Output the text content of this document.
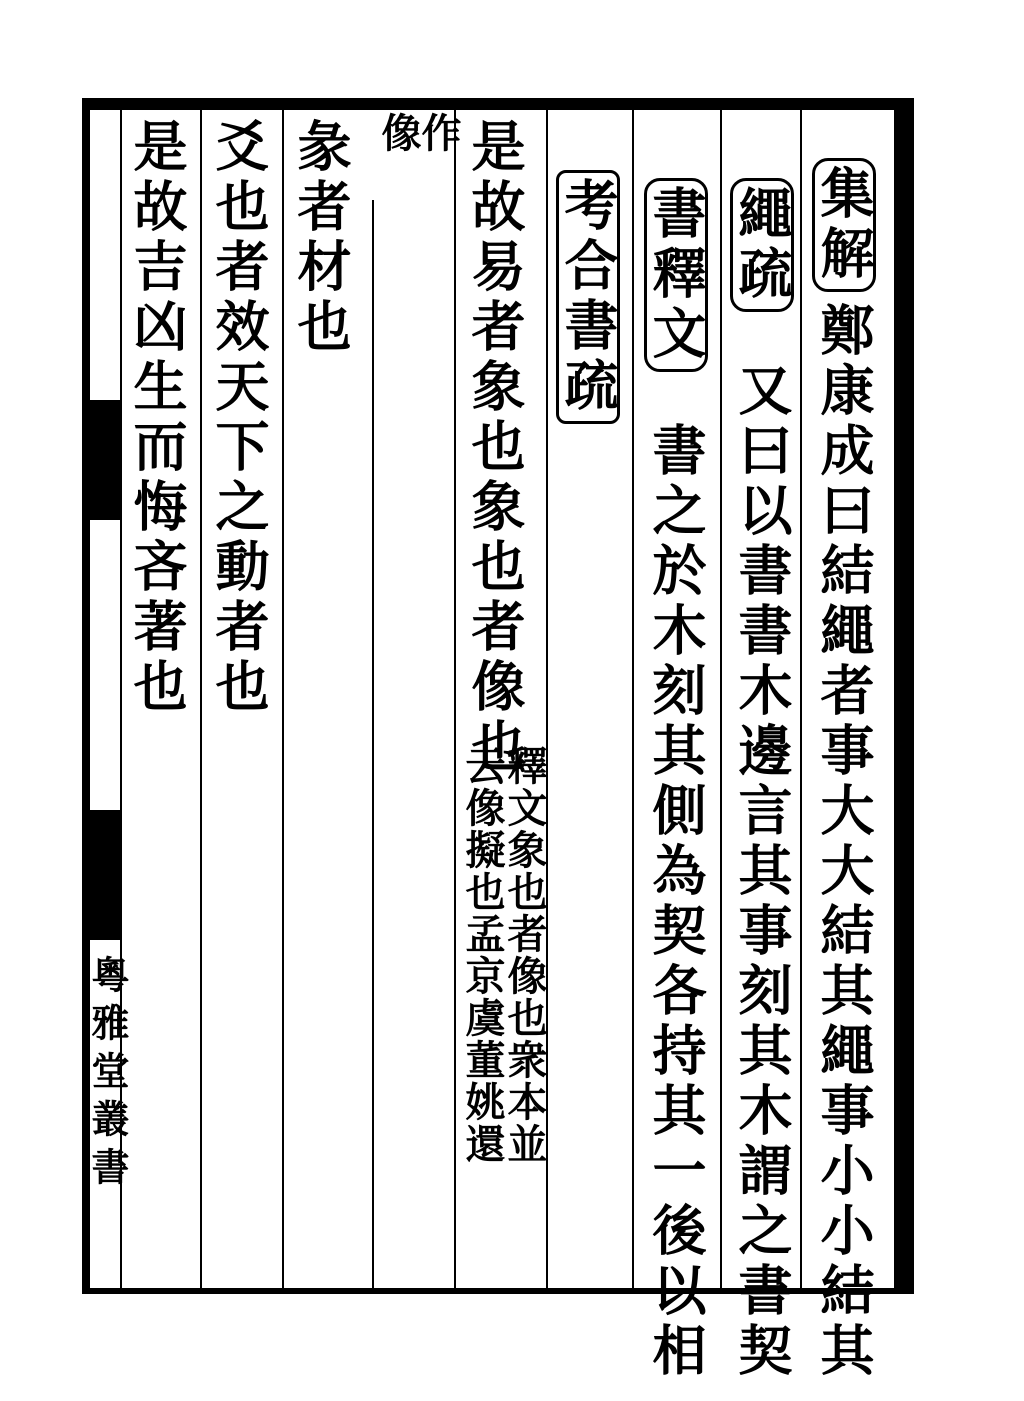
集解鄭康成曰結繩者事大大結其繩事小小結其
繩疏又曰以書書木邊言其事刻其木謂之書契
書釋文書之於木刻其側為契各持其一後以相
考合書疏
是故易者象也象也者像也
釋文象也者像也衆本並
云像擬也孟京虞董姚還
作
像
彖者材也
爻也者效天下之動者也
是故吉凶生而悔吝著也
粵雅堂叢書
